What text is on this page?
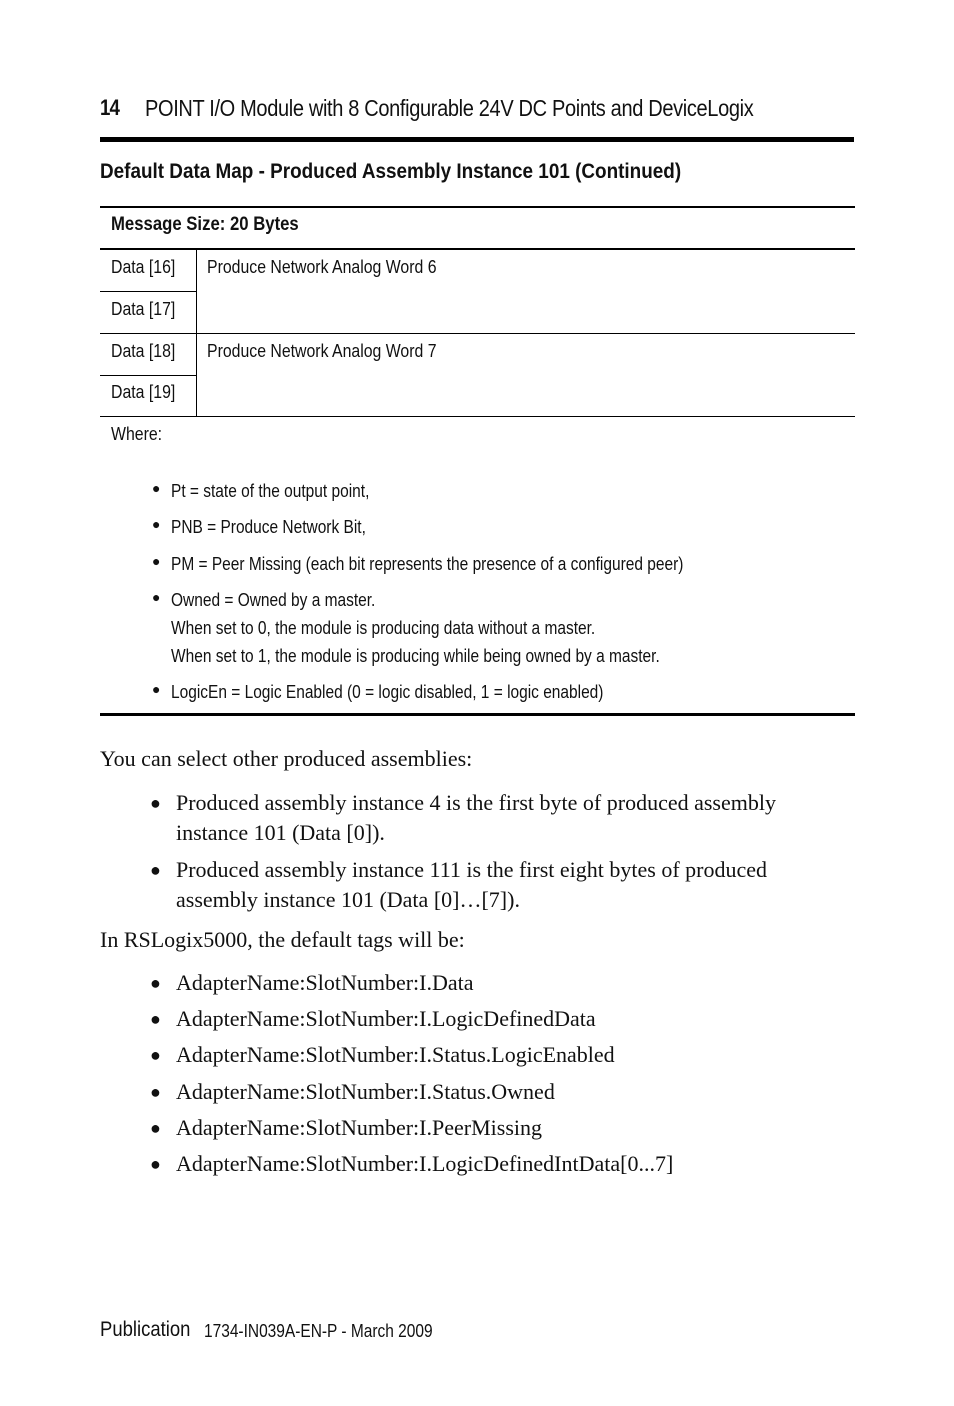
14 POINT I/O Module with 8 Configurable 24V DC Points and DeviceLogix
Default Data Map - Produced Assembly Instance 101 (Continued)
Message Size: 20 Bytes
Data [16] Produce Network Analog Word 6
Data [17]
Data [18] Produce Network Analog Word 7
Data [19]
Where:
● Pt = state of the output point,
● PNB = Produce Network Bit,
● PM = Peer Missing (each bit represents the presence of a configured peer)
● Owned = Owned by a master.
When set to 0, the module is producing data without a master.
When set to 1, the module is producing while being owned by a master.
● LogicEn = Logic Enabled (0 = logic disabled, 1 = logic enabled)
You can select other produced assemblies:
● Produced assembly instance 4 is the first byte of produced assembly
instance 101 (Data [0]).
● Produced assembly instance 111 is the first eight bytes of produced
assembly instance 101 (Data [0]…[7]).
In RSLogix5000, the default tags will be:
● AdapterName:SlotNumber:I.Data
● AdapterName:SlotNumber:I.LogicDefinedData
● AdapterName:SlotNumber:I.Status.LogicEnabled
● AdapterName:SlotNumber:I.Status.Owned
● AdapterName:SlotNumber:I.PeerMissing
● AdapterName:SlotNumber:I.LogicDefinedIntData[0...7]
Publication 1734-IN039A-EN-P - March 2009
